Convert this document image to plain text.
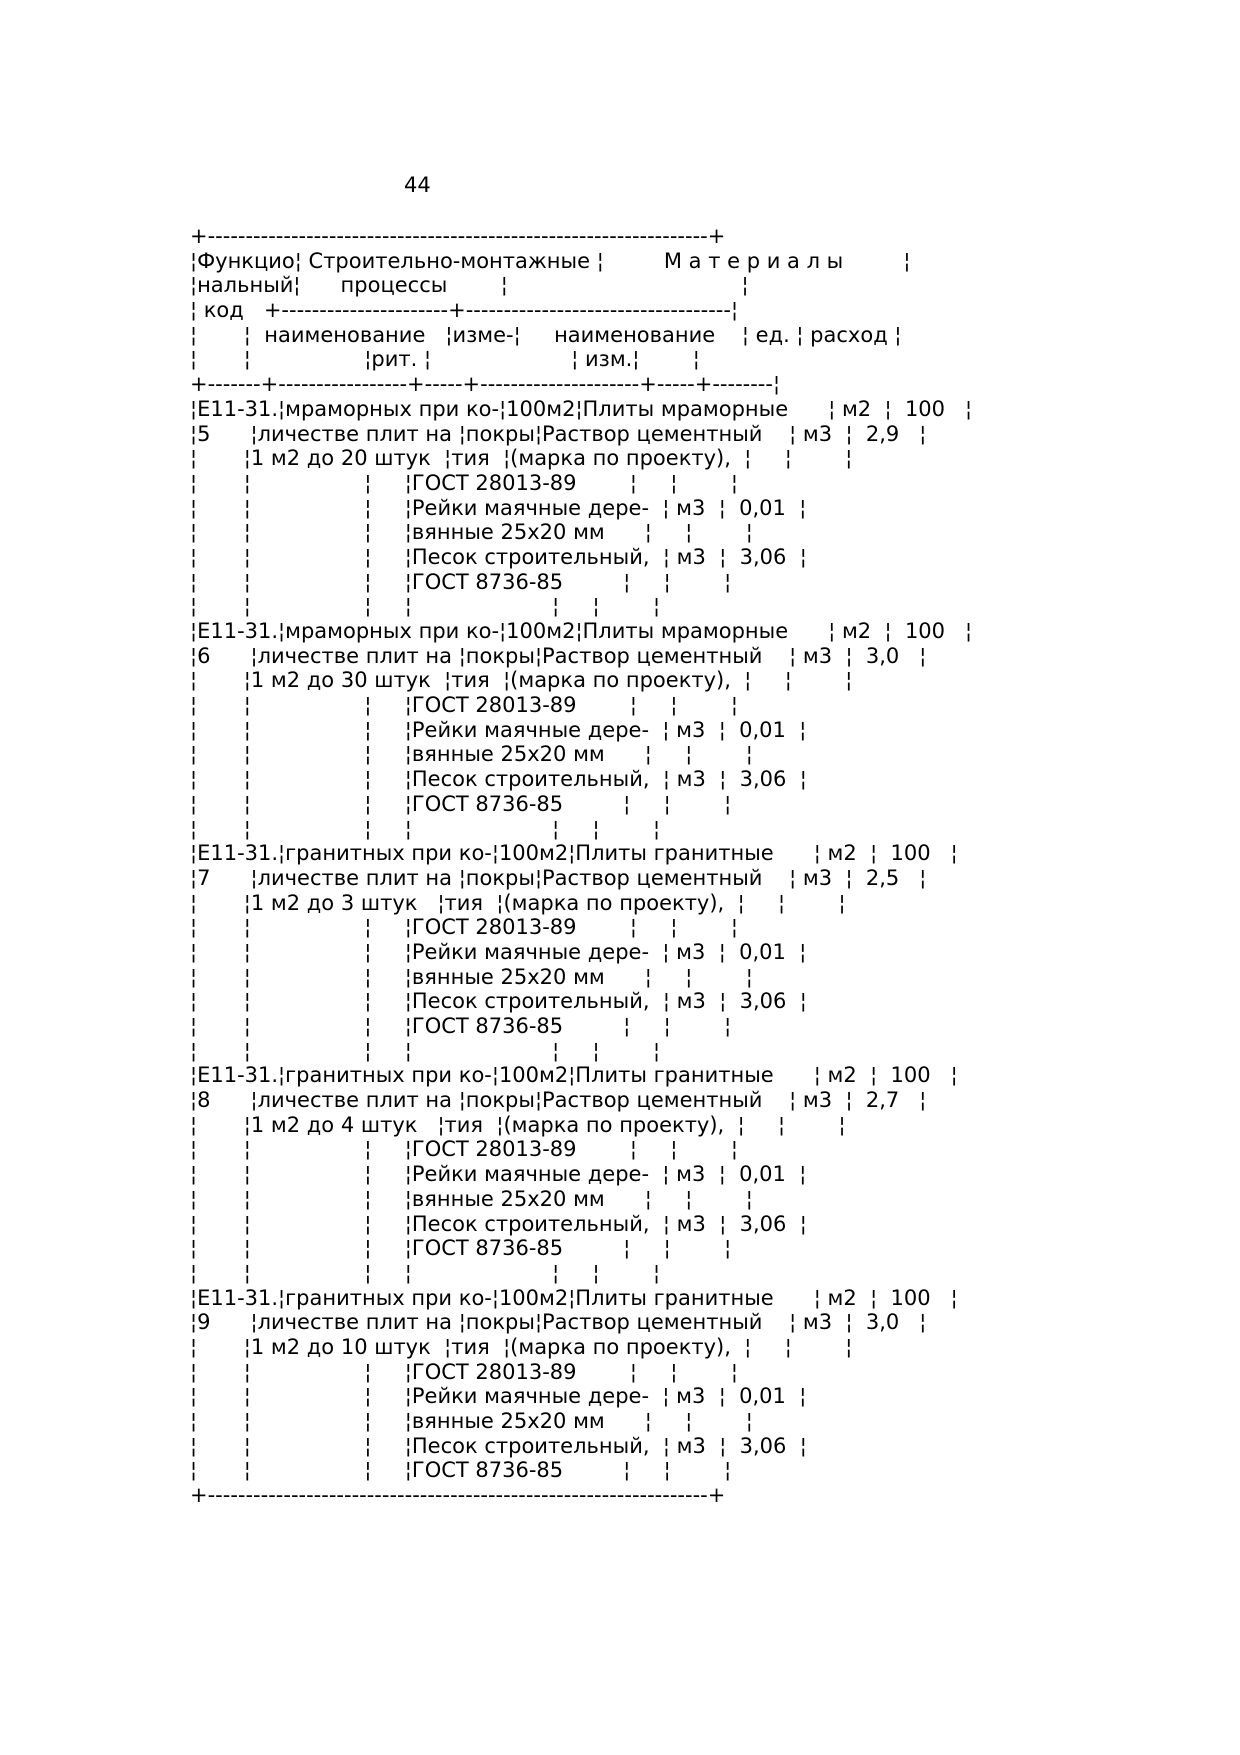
44
+------------------------------------------------------------------+
¦Функцио¦ Строительно-монтажные ¦         М а т е р и а л ы         ¦
¦нальный¦      процессы        ¦                                   ¦
¦ код   +----------------------+-----------------------------------¦
¦       ¦  наименование   ¦изме-¦     наименование    ¦ ед. ¦ расход ¦
¦       ¦                 ¦рит. ¦                     ¦ изм.¦        ¦
+-------+-----------------+-----+---------------------+-----+--------¦
¦Е11-31.¦мраморных при ко-¦100м2¦Плиты мраморные      ¦ м2  ¦  100   ¦
¦5      ¦личестве плит на ¦покры¦Раствор цементный    ¦ м3  ¦  2,9   ¦
¦       ¦1 м2 до 20 штук  ¦тия  ¦(марка по проекту),  ¦     ¦        ¦
¦       ¦                 ¦     ¦ГОСТ 28013-89        ¦     ¦        ¦
¦       ¦                 ¦     ¦Рейки маячные дере-  ¦ м3  ¦  0,01  ¦
¦       ¦                 ¦     ¦вянные 25х20 мм      ¦     ¦        ¦
¦       ¦                 ¦     ¦Песок строительный,  ¦ м3  ¦  3,06  ¦
¦       ¦                 ¦     ¦ГОСТ 8736-85         ¦     ¦        ¦
¦       ¦                 ¦     ¦                     ¦     ¦        ¦
¦Е11-31.¦мраморных при ко-¦100м2¦Плиты мраморные      ¦ м2  ¦  100   ¦
¦6      ¦личестве плит на ¦покры¦Раствор цементный    ¦ м3  ¦  3,0   ¦
¦       ¦1 м2 до 30 штук  ¦тия  ¦(марка по проекту),  ¦     ¦        ¦
¦       ¦                 ¦     ¦ГОСТ 28013-89        ¦     ¦        ¦
¦       ¦                 ¦     ¦Рейки маячные дере-  ¦ м3  ¦  0,01  ¦
¦       ¦                 ¦     ¦вянные 25х20 мм      ¦     ¦        ¦
¦       ¦                 ¦     ¦Песок строительный,  ¦ м3  ¦  3,06  ¦
¦       ¦                 ¦     ¦ГОСТ 8736-85         ¦     ¦        ¦
¦       ¦                 ¦     ¦                     ¦     ¦        ¦
¦Е11-31.¦гранитных при ко-¦100м2¦Плиты гранитные      ¦ м2  ¦  100   ¦
¦7      ¦личестве плит на ¦покры¦Раствор цементный    ¦ м3  ¦  2,5   ¦
¦       ¦1 м2 до 3 штук   ¦тия  ¦(марка по проекту),  ¦     ¦        ¦
¦       ¦                 ¦     ¦ГОСТ 28013-89        ¦     ¦        ¦
¦       ¦                 ¦     ¦Рейки маячные дере-  ¦ м3  ¦  0,01  ¦
¦       ¦                 ¦     ¦вянные 25х20 мм      ¦     ¦        ¦
¦       ¦                 ¦     ¦Песок строительный,  ¦ м3  ¦  3,06  ¦
¦       ¦                 ¦     ¦ГОСТ 8736-85         ¦     ¦        ¦
¦       ¦                 ¦     ¦                     ¦     ¦        ¦
¦Е11-31.¦гранитных при ко-¦100м2¦Плиты гранитные      ¦ м2  ¦  100   ¦
¦8      ¦личестве плит на ¦покры¦Раствор цементный    ¦ м3  ¦  2,7   ¦
¦       ¦1 м2 до 4 штук   ¦тия  ¦(марка по проекту),  ¦     ¦        ¦
¦       ¦                 ¦     ¦ГОСТ 28013-89        ¦     ¦        ¦
¦       ¦                 ¦     ¦Рейки маячные дере-  ¦ м3  ¦  0,01  ¦
¦       ¦                 ¦     ¦вянные 25х20 мм      ¦     ¦        ¦
¦       ¦                 ¦     ¦Песок строительный,  ¦ м3  ¦  3,06  ¦
¦       ¦                 ¦     ¦ГОСТ 8736-85         ¦     ¦        ¦
¦       ¦                 ¦     ¦                     ¦     ¦        ¦
¦Е11-31.¦гранитных при ко-¦100м2¦Плиты гранитные      ¦ м2  ¦  100   ¦
¦9      ¦личестве плит на ¦покры¦Раствор цементный    ¦ м3  ¦  3,0   ¦
¦       ¦1 м2 до 10 штук  ¦тия  ¦(марка по проекту),  ¦     ¦        ¦
¦       ¦                 ¦     ¦ГОСТ 28013-89        ¦     ¦        ¦
¦       ¦                 ¦     ¦Рейки маячные дере-  ¦ м3  ¦  0,01  ¦
¦       ¦                 ¦     ¦вянные 25х20 мм      ¦     ¦        ¦
¦       ¦                 ¦     ¦Песок строительный,  ¦ м3  ¦  3,06  ¦
¦       ¦                 ¦     ¦ГОСТ 8736-85         ¦     ¦        ¦
+------------------------------------------------------------------+
